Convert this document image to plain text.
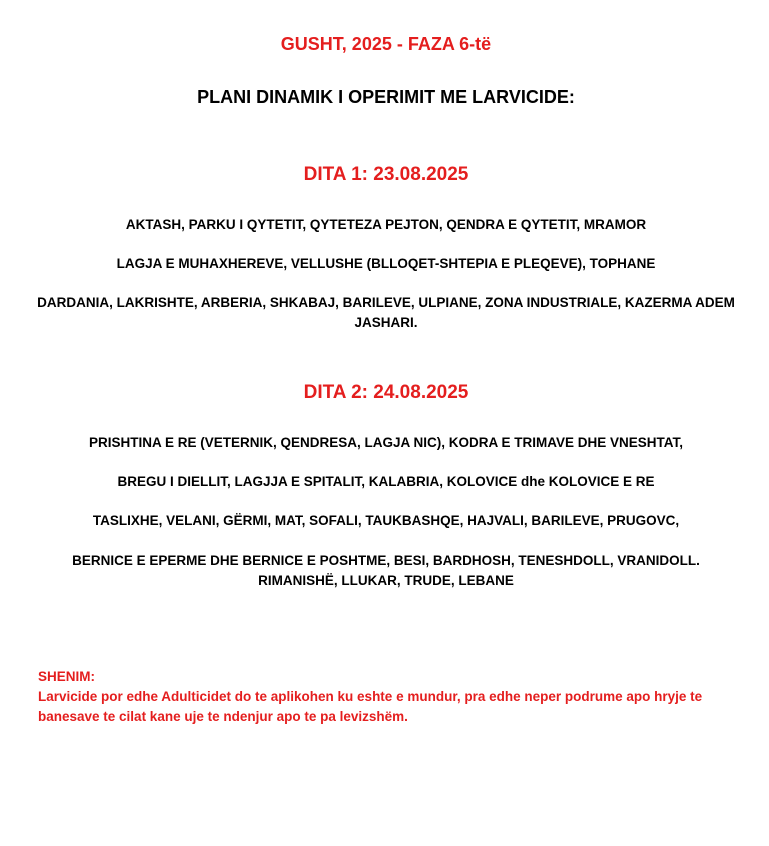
GUSHT, 2025 - FAZA 6-të
PLANI DINAMIK I OPERIMIT ME LARVICIDE:
DITA 1: 23.08.2025
AKTASH, PARKU I QYTETIT, QYTETEZA PEJTON, QENDRA E QYTETIT, MRAMOR
LAGJA E MUHAXHEREVE, VELLUSHE (BLLOQET-SHTEPIA E PLEQEVE), TOPHANE
DARDANIA, LAKRISHTE, ARBERIA, SHKABAJ, BARILEVE, ULPIANE, ZONA INDUSTRIALE, KAZERMA ADEM JASHARI.
DITA 2: 24.08.2025
PRISHTINA E RE (VETERNIK, QENDRESA, LAGJA NIC), KODRA E TRIMAVE DHE VNESHTAT,
BREGU I DIELLIT, LAGJJA E SPITALIT, KALABRIA, KOLOVICE dhe KOLOVICE E RE
TASLIXHE, VELANI, GËRMI, MAT, SOFALI, TAUKBASHQE, HAJVALI, BARILEVE, PRUGOVC,
BERNICE E EPERME DHE BERNICE E POSHTME, BESI, BARDHOSH, TENESHDOLL, VRANIDOLL. RIMANISHË, LLUKAR, TRUDE, LEBANE
SHENIM:
Larvicide por edhe Adulticidet do te aplikohen ku eshte e mundur, pra edhe neper podrume apo hryje te banesave te cilat kane uje te ndenjur apo te pa levizshëm.
